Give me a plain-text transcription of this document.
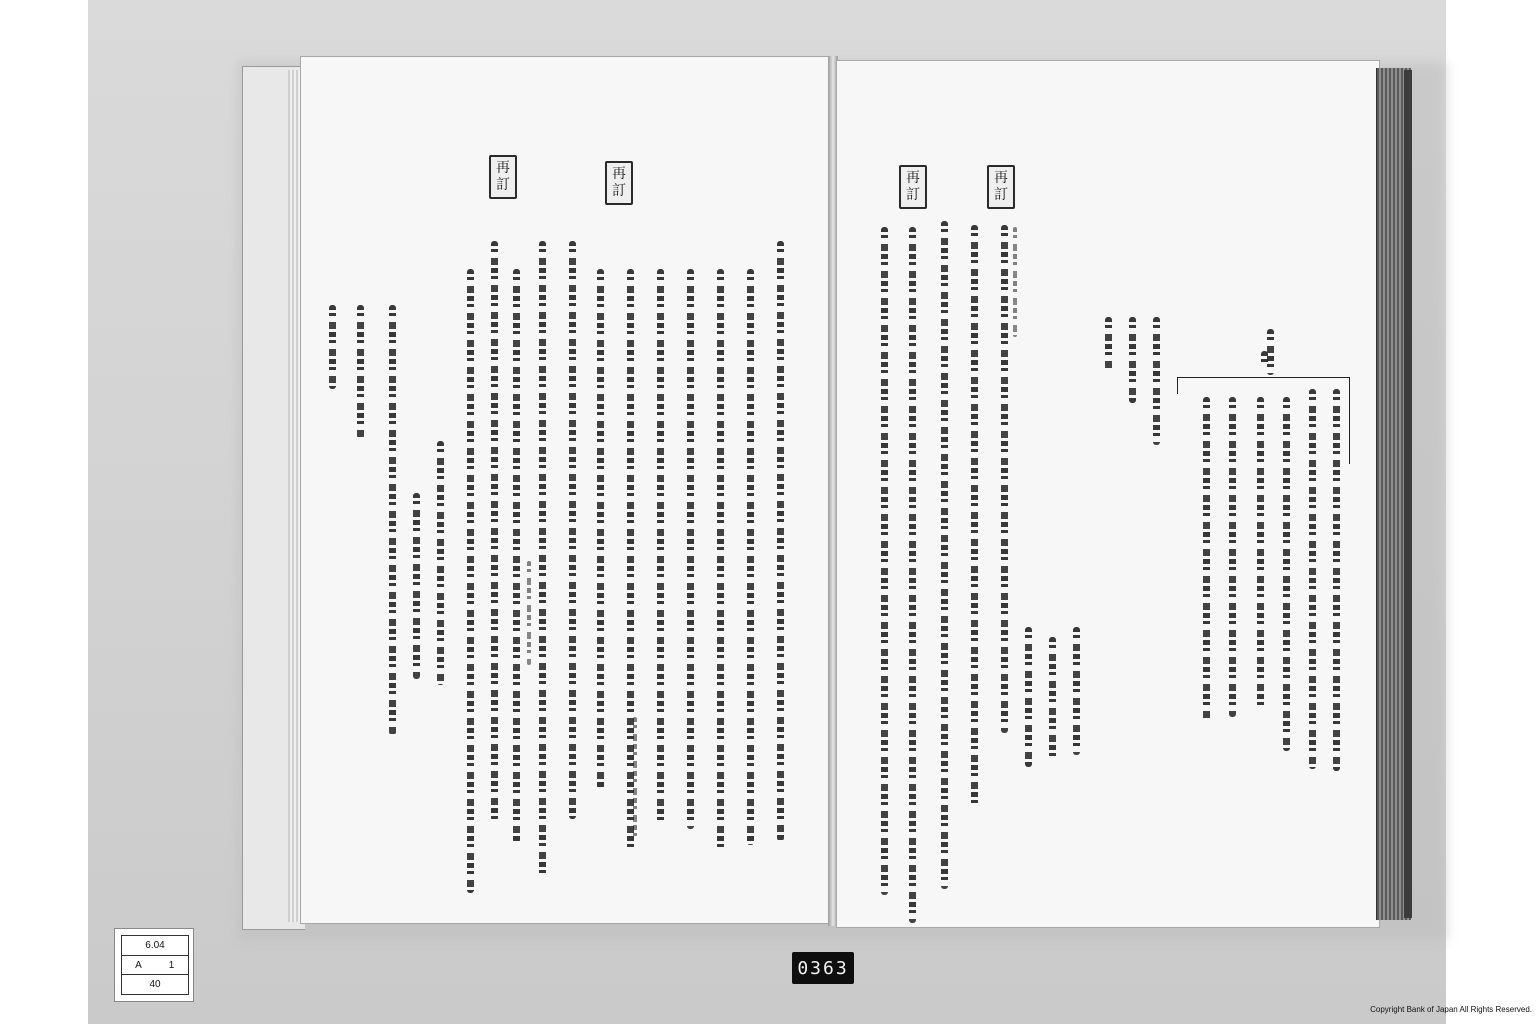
再
訂
再
訂
再
訂
再
訂
6.04
A	1
40
0363
Copyright Bank of Japan All Rights Reserved.
